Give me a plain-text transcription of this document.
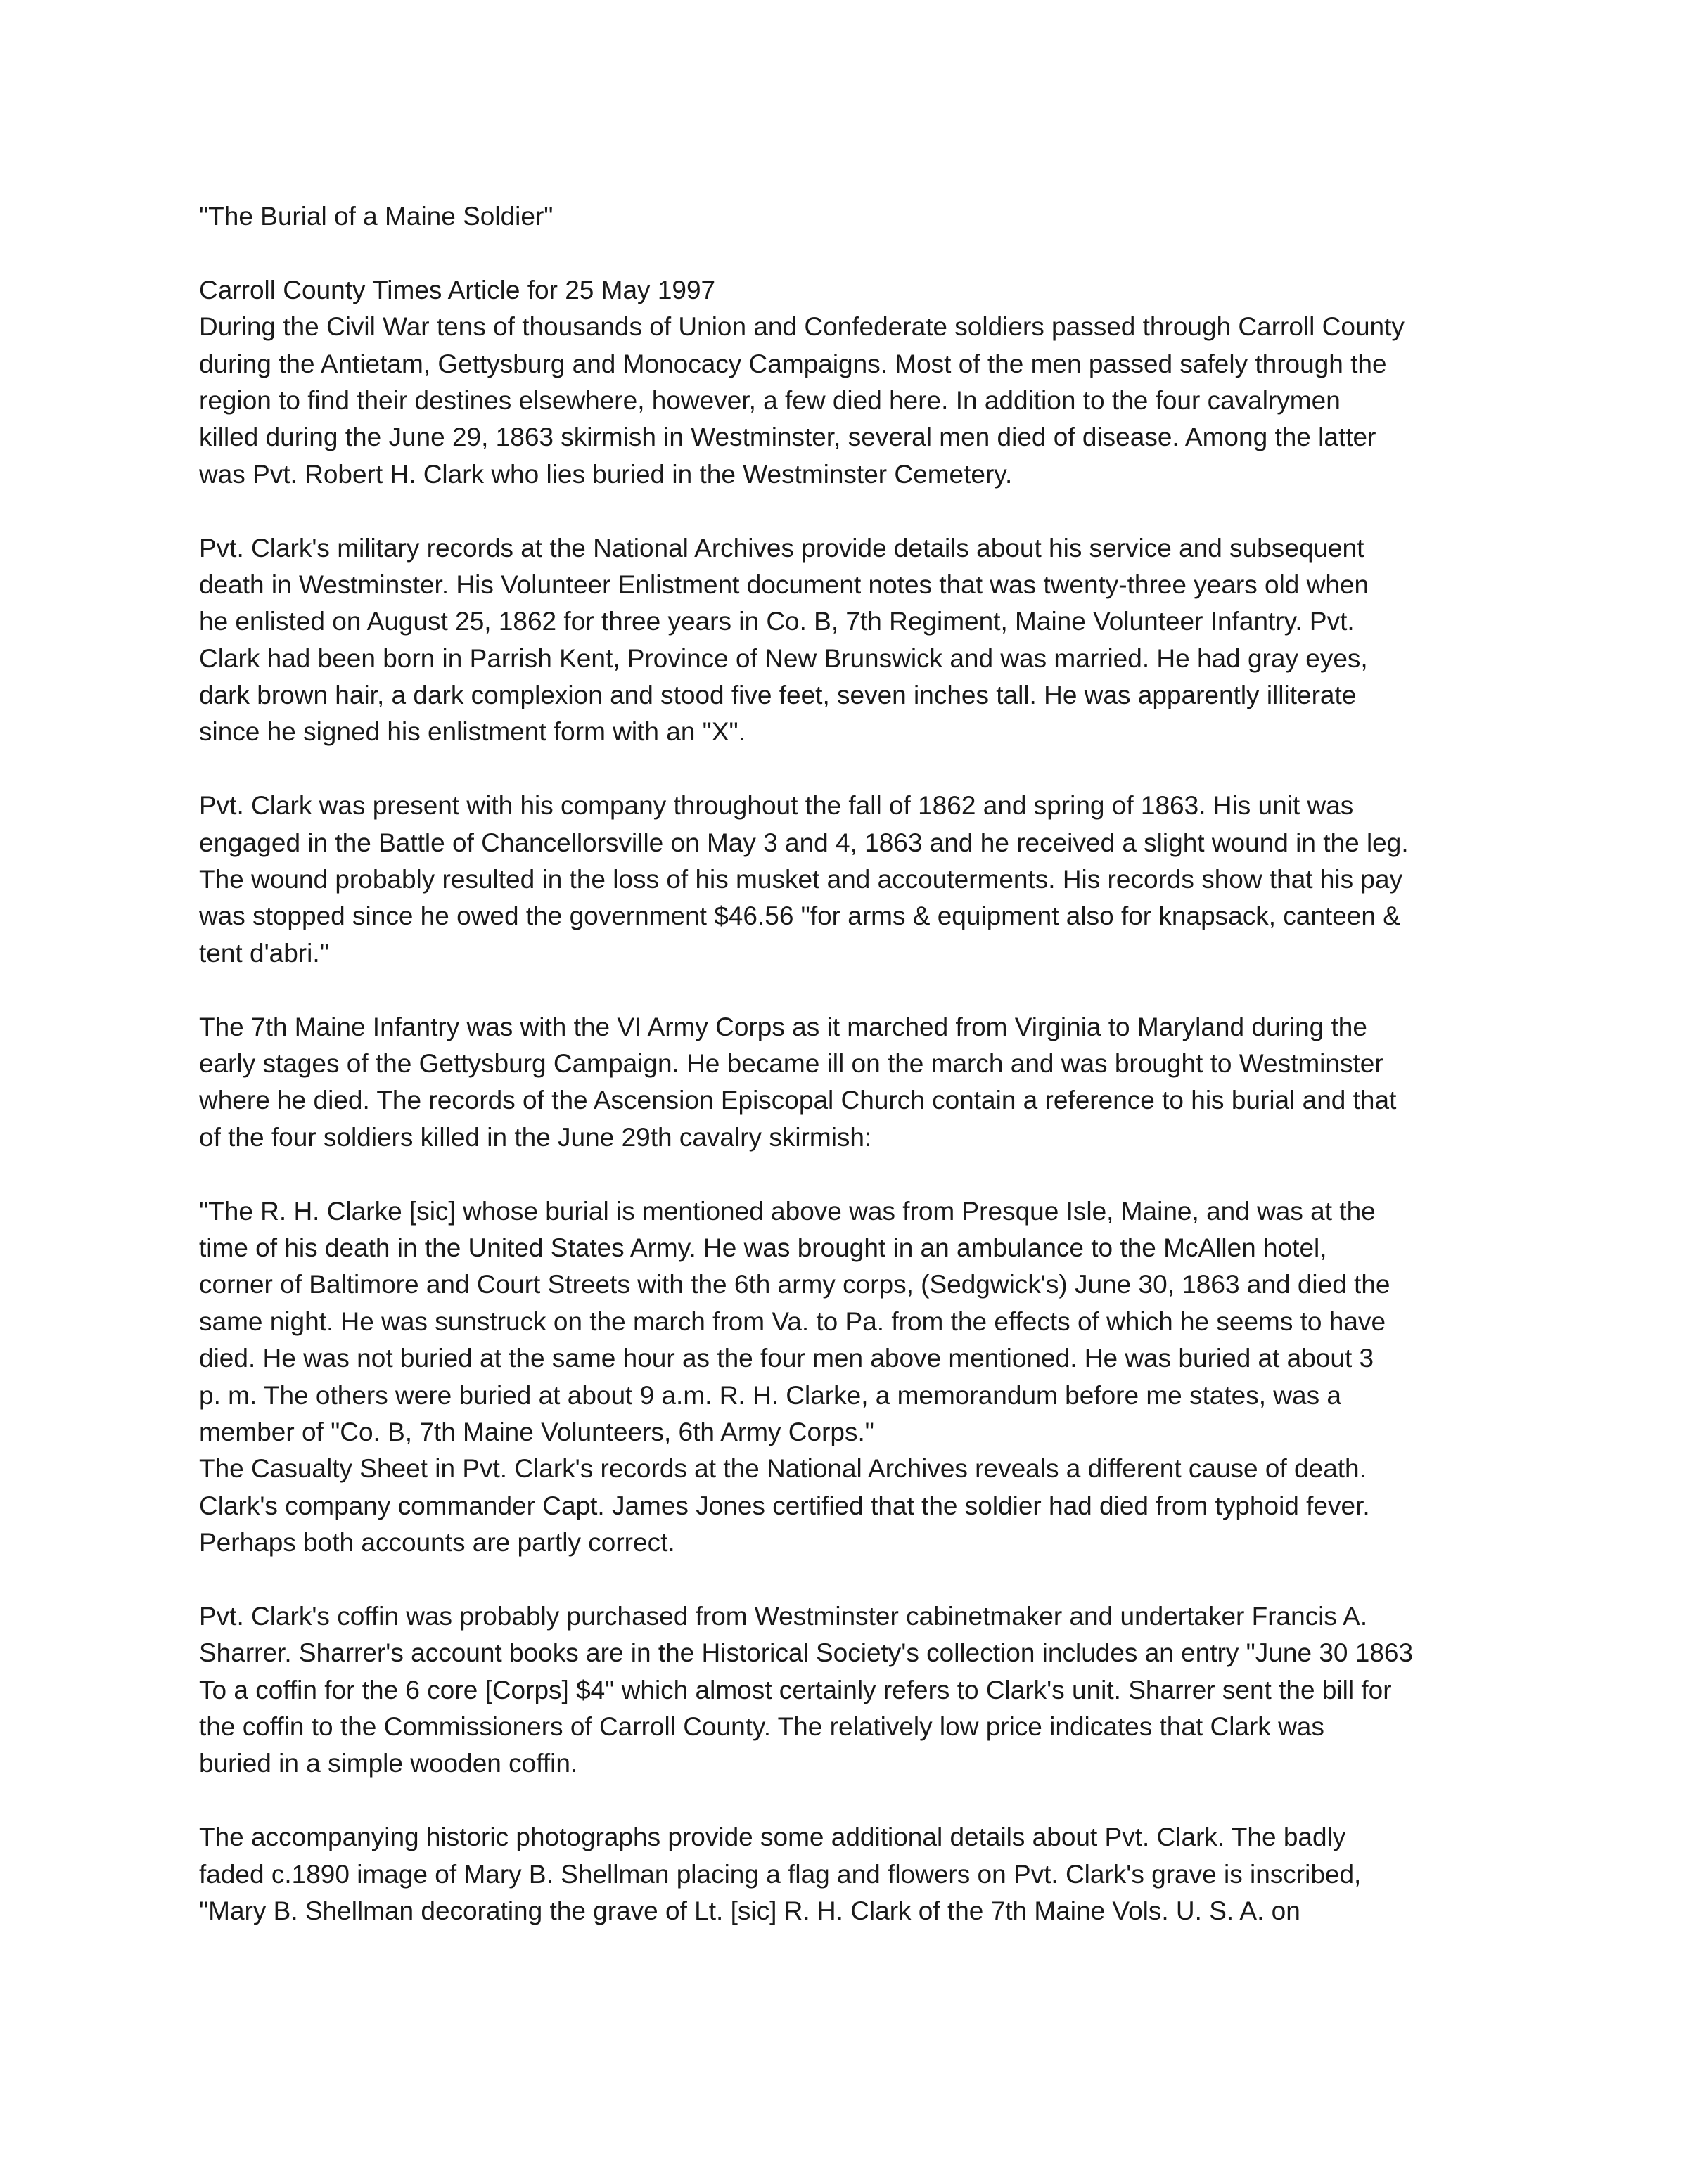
"The Burial of a Maine Soldier"
Carroll County Times Article for 25 May 1997
During the Civil War tens of thousands of Union and Confederate soldiers passed through Carroll County
during the Antietam, Gettysburg and Monocacy Campaigns. Most of the men passed safely through the
region to find their destines elsewhere, however, a few died here. In addition to the four cavalrymen
killed during the June 29, 1863 skirmish in Westminster, several men died of disease. Among the latter
was Pvt. Robert H. Clark who lies buried in the Westminster Cemetery.
Pvt. Clark's military records at the National Archives provide details about his service and subsequent
death in Westminster. His Volunteer Enlistment document notes that was twenty-three years old when
he enlisted on August 25, 1862 for three years in Co. B, 7th Regiment, Maine Volunteer Infantry. Pvt.
Clark had been born in Parrish Kent, Province of New Brunswick and was married. He had gray eyes,
dark brown hair, a dark complexion and stood five feet, seven inches tall. He was apparently illiterate
since he signed his enlistment form with an "X".
Pvt. Clark was present with his company throughout the fall of 1862 and spring of 1863. His unit was
engaged in the Battle of Chancellorsville on May 3 and 4, 1863 and he received a slight wound in the leg.
The wound probably resulted in the loss of his musket and accouterments. His records show that his pay
was stopped since he owed the government $46.56 "for arms & equipment also for knapsack, canteen &
tent d'abri."
The 7th Maine Infantry was with the VI Army Corps as it marched from Virginia to Maryland during the
early stages of the Gettysburg Campaign. He became ill on the march and was brought to Westminster
where he died. The records of the Ascension Episcopal Church contain a reference to his burial and that
of the four soldiers killed in the June 29th cavalry skirmish:
"The R. H. Clarke [sic] whose burial is mentioned above was from Presque Isle, Maine, and was at the
time of his death in the United States Army. He was brought in an ambulance to the McAllen hotel,
corner of Baltimore and Court Streets with the 6th army corps, (Sedgwick's) June 30, 1863 and died the
same night. He was sunstruck on the march from Va. to Pa. from the effects of which he seems to have
died. He was not buried at the same hour as the four men above mentioned. He was buried at about 3
p. m. The others were buried at about 9 a.m. R. H. Clarke, a memorandum before me states, was a
member of "Co. B, 7th Maine Volunteers, 6th Army Corps."
The Casualty Sheet in Pvt. Clark's records at the National Archives reveals a different cause of death.
Clark's company commander Capt. James Jones certified that the soldier had died from typhoid fever.
Perhaps both accounts are partly correct.
Pvt. Clark's coffin was probably purchased from Westminster cabinetmaker and undertaker Francis A.
Sharrer. Sharrer's account books are in the Historical Society's collection includes an entry "June 30 1863
To a coffin for the 6 core [Corps] $4" which almost certainly refers to Clark's unit. Sharrer sent the bill for
the coffin to the Commissioners of Carroll County. The relatively low price indicates that Clark was
buried in a simple wooden coffin.
The accompanying historic photographs provide some additional details about Pvt. Clark. The badly
faded c.1890 image of Mary B. Shellman placing a flag and flowers on Pvt. Clark's grave is inscribed,
"Mary B. Shellman decorating the grave of Lt. [sic] R. H. Clark of the 7th Maine Vols. U. S. A. on
